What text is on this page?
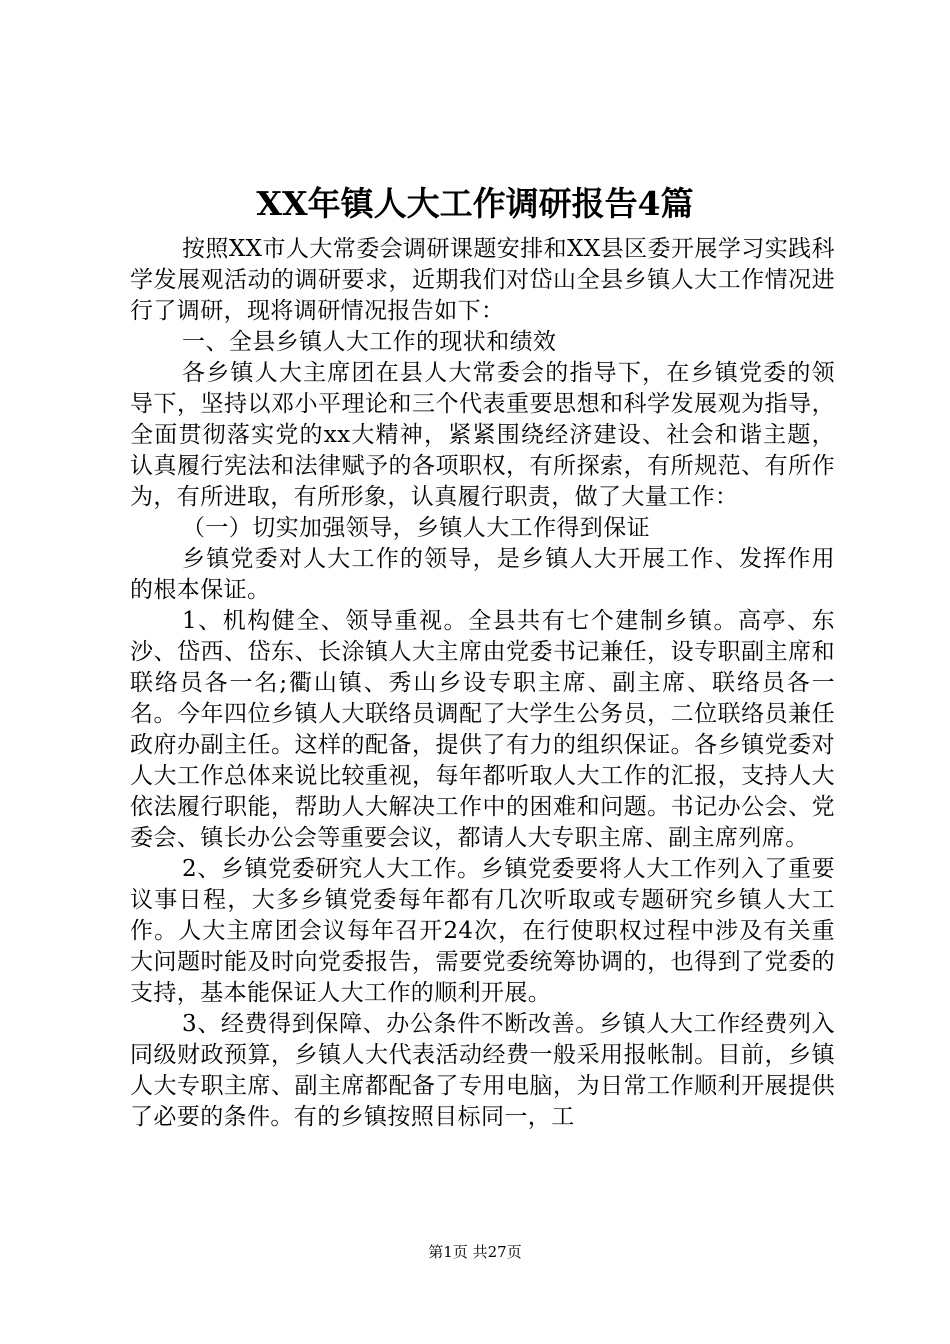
XX年镇人大工作调研报告4篇

按照XX市人大常委会调研课题安排和XX县区委开展学习实践科学发展观活动的调研要求，近期我们对岱山全县乡镇人大工作情况进行了调研，现将调研情况报告如下：

一、全县乡镇人大工作的现状和绩效

各乡镇人大主席团在县人大常委会的指导下，在乡镇党委的领导下，坚持以邓小平理论和三个代表重要思想和科学发展观为指导，全面贯彻落实党的xx大精神，紧紧围绕经济建设、社会和谐主题，认真履行宪法和法律赋予的各项职权，有所探索，有所规范、有所作为，有所进取，有所形象，认真履行职责，做了大量工作：

（一）切实加强领导，乡镇人大工作得到保证

乡镇党委对人大工作的领导，是乡镇人大开展工作、发挥作用的根本保证。

1、机构健全、领导重视。全县共有七个建制乡镇。高亭、东沙、岱西、岱东、长涂镇人大主席由党委书记兼任，设专职副主席和联络员各一名;衢山镇、秀山乡设专职主席、副主席、联络员各一名。今年四位乡镇人大联络员调配了大学生公务员，二位联络员兼任政府办副主任。这样的配备，提供了有力的组织保证。各乡镇党委对人大工作总体来说比较重视，每年都听取人大工作的汇报，支持人大依法履行职能，帮助人大解决工作中的困难和问题。书记办公会、党委会、镇长办公会等重要会议，都请人大专职主席、副主席列席。

2、乡镇党委研究人大工作。乡镇党委要将人大工作列入了重要议事日程，大多乡镇党委每年都有几次听取或专题研究乡镇人大工作。人大主席团会议每年召开24次，在行使职权过程中涉及有关重大问题时能及时向党委报告，需要党委统筹协调的，也得到了党委的支持，基本能保证人大工作的顺利开展。

3、经费得到保障、办公条件不断改善。乡镇人大工作经费列入同级财政预算，乡镇人大代表活动经费一般采用报帐制。目前，乡镇人大专职主席、副主席都配备了专用电脑，为日常工作顺利开展提供了必要的条件。有的乡镇按照目标同一，工

第1页 共27页
